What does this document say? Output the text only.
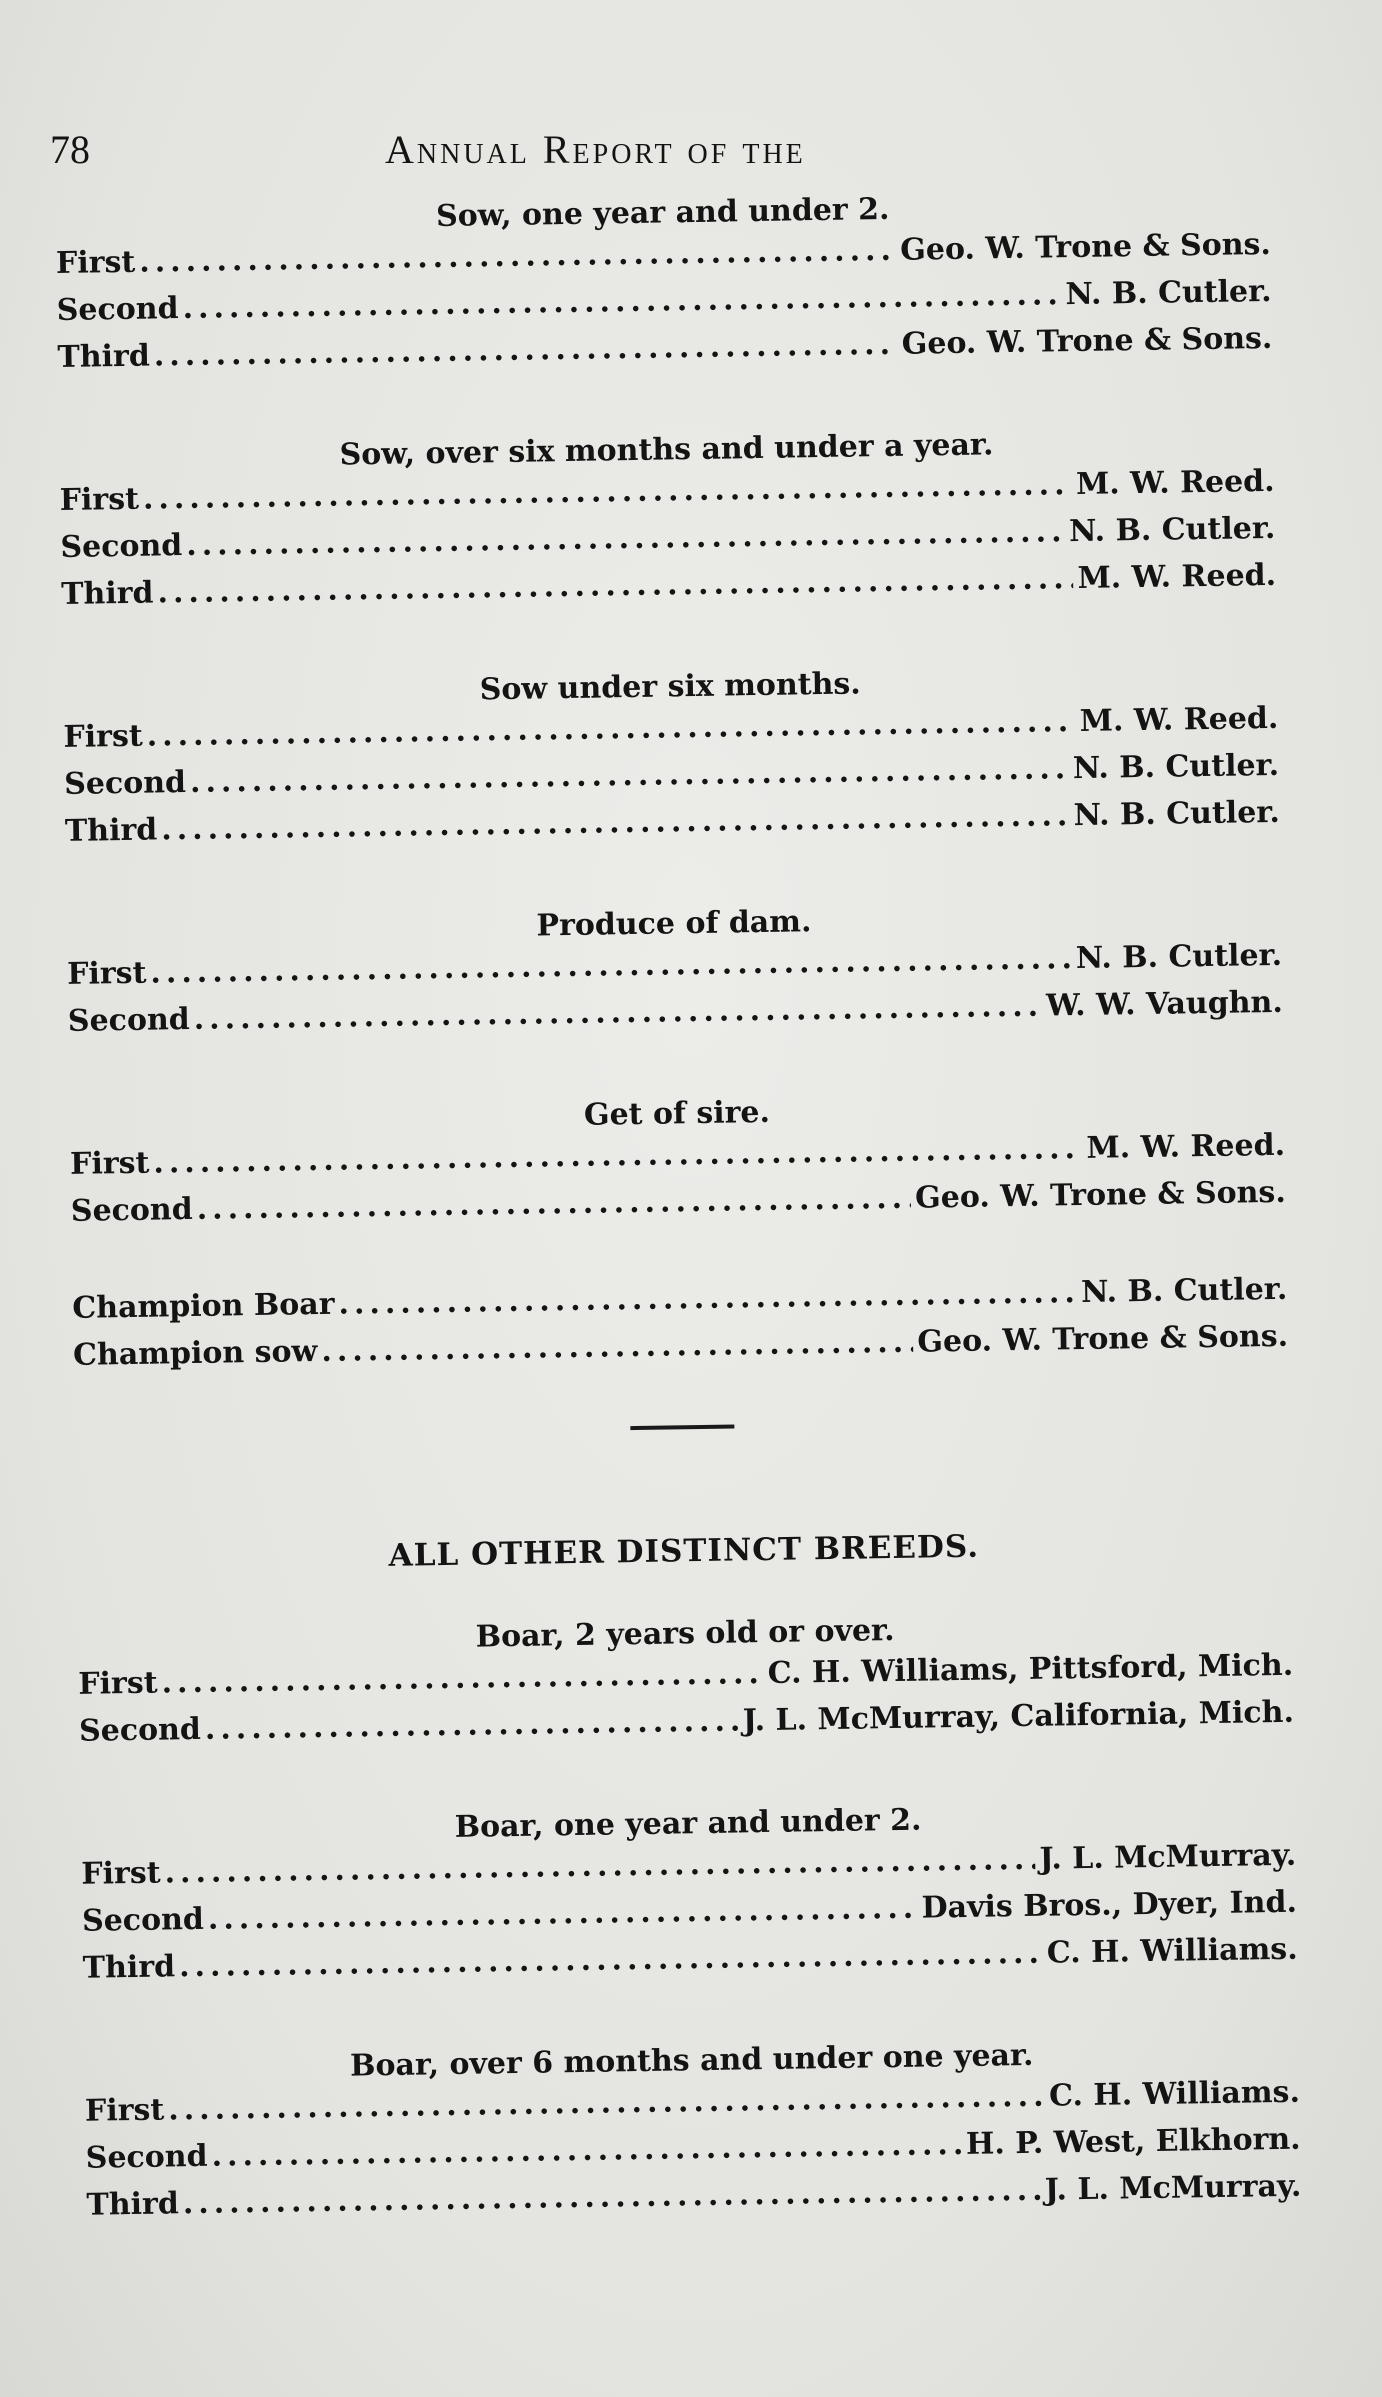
78	Annual Report of the
Sow, one year and under 2.
First .....	Geo. W. Trone & Sons.
Second .....	N. B. Cutler.
Third .....	Geo. W. Trone & Sons.
Sow, over six months and under a year.
First .....	M. W. Reed.
Second .....	N. B. Cutler.
Third .....	M. W. Reed.
Sow under six months.
First .....	M. W. Reed.
Second .....	N. B. Cutler.
Third .....	N. B. Cutler.
Produce of dam.
First .....	N. B. Cutler.
Second .....	W. W. Vaughn.
Get of sire.
First .....	M. W. Reed.
Second .....	Geo. W. Trone & Sons.
Champion Boar .....	N. B. Cutler.
Champion sow .....	Geo. W. Trone & Sons.
ALL OTHER DISTINCT BREEDS.
Boar, 2 years old or over.
First .....	C. H. Williams, Pittsford, Mich.
Second .....	J. L. McMurray, California, Mich.
Boar, one year and under 2.
First .....	J. L. McMurray.
Second .....	Davis Bros., Dyer, Ind.
Third .....	C. H. Williams.
Boar, over 6 months and under one year.
First .....	C. H. Williams.
Second .....	H. P. West, Elkhorn.
Third .....	J. L. McMurray.
